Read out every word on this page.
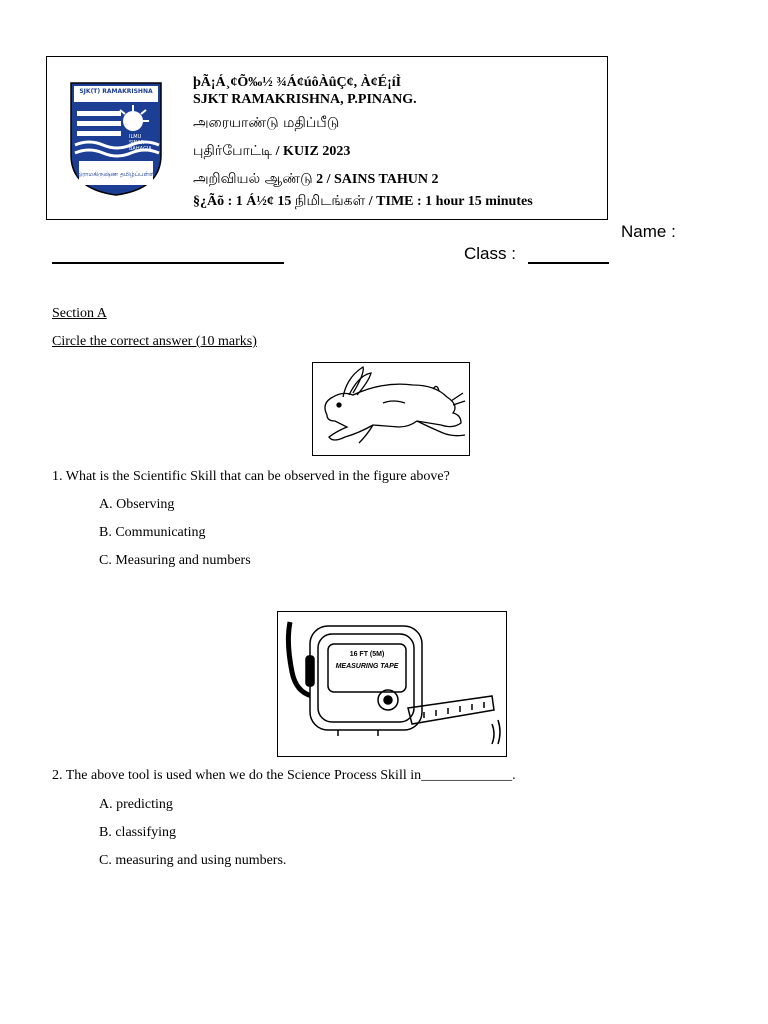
SJK(T) RAMAKRISHNA
ILMU
SINAR
BAHAGIA
இராமகிருஷ்ண தமிழ்ப்பள்ளி
þÃ¡Á¸¢Õ‰½ ¾Á¢úôÀûÇ¢, À¢É¡íÌ
SJKT RAMAKRISHNA, P.PINANG.
அரையாண்டு மதிப்பீடு
புதிர்போட்டி / KUIZ 2023
அறிவியல் ஆண்டு 2 / SAINS TAHUN 2
§¿Ãõ : 1 Á½¢ 15 நிமிடங்கள் / TIME : 1 hour 15 minutes
Name :
Class :
Section A
Circle the correct answer (10 marks)
1. What is the Scientific Skill that can be observed in the figure above?
A. Observing
B. Communicating
C. Measuring and numbers
16 FT (5M)
MEASURING TAPE
2. The above tool is used when we do the Science Process Skill in_____________.
A. predicting
B. classifying
C. measuring and using numbers.
